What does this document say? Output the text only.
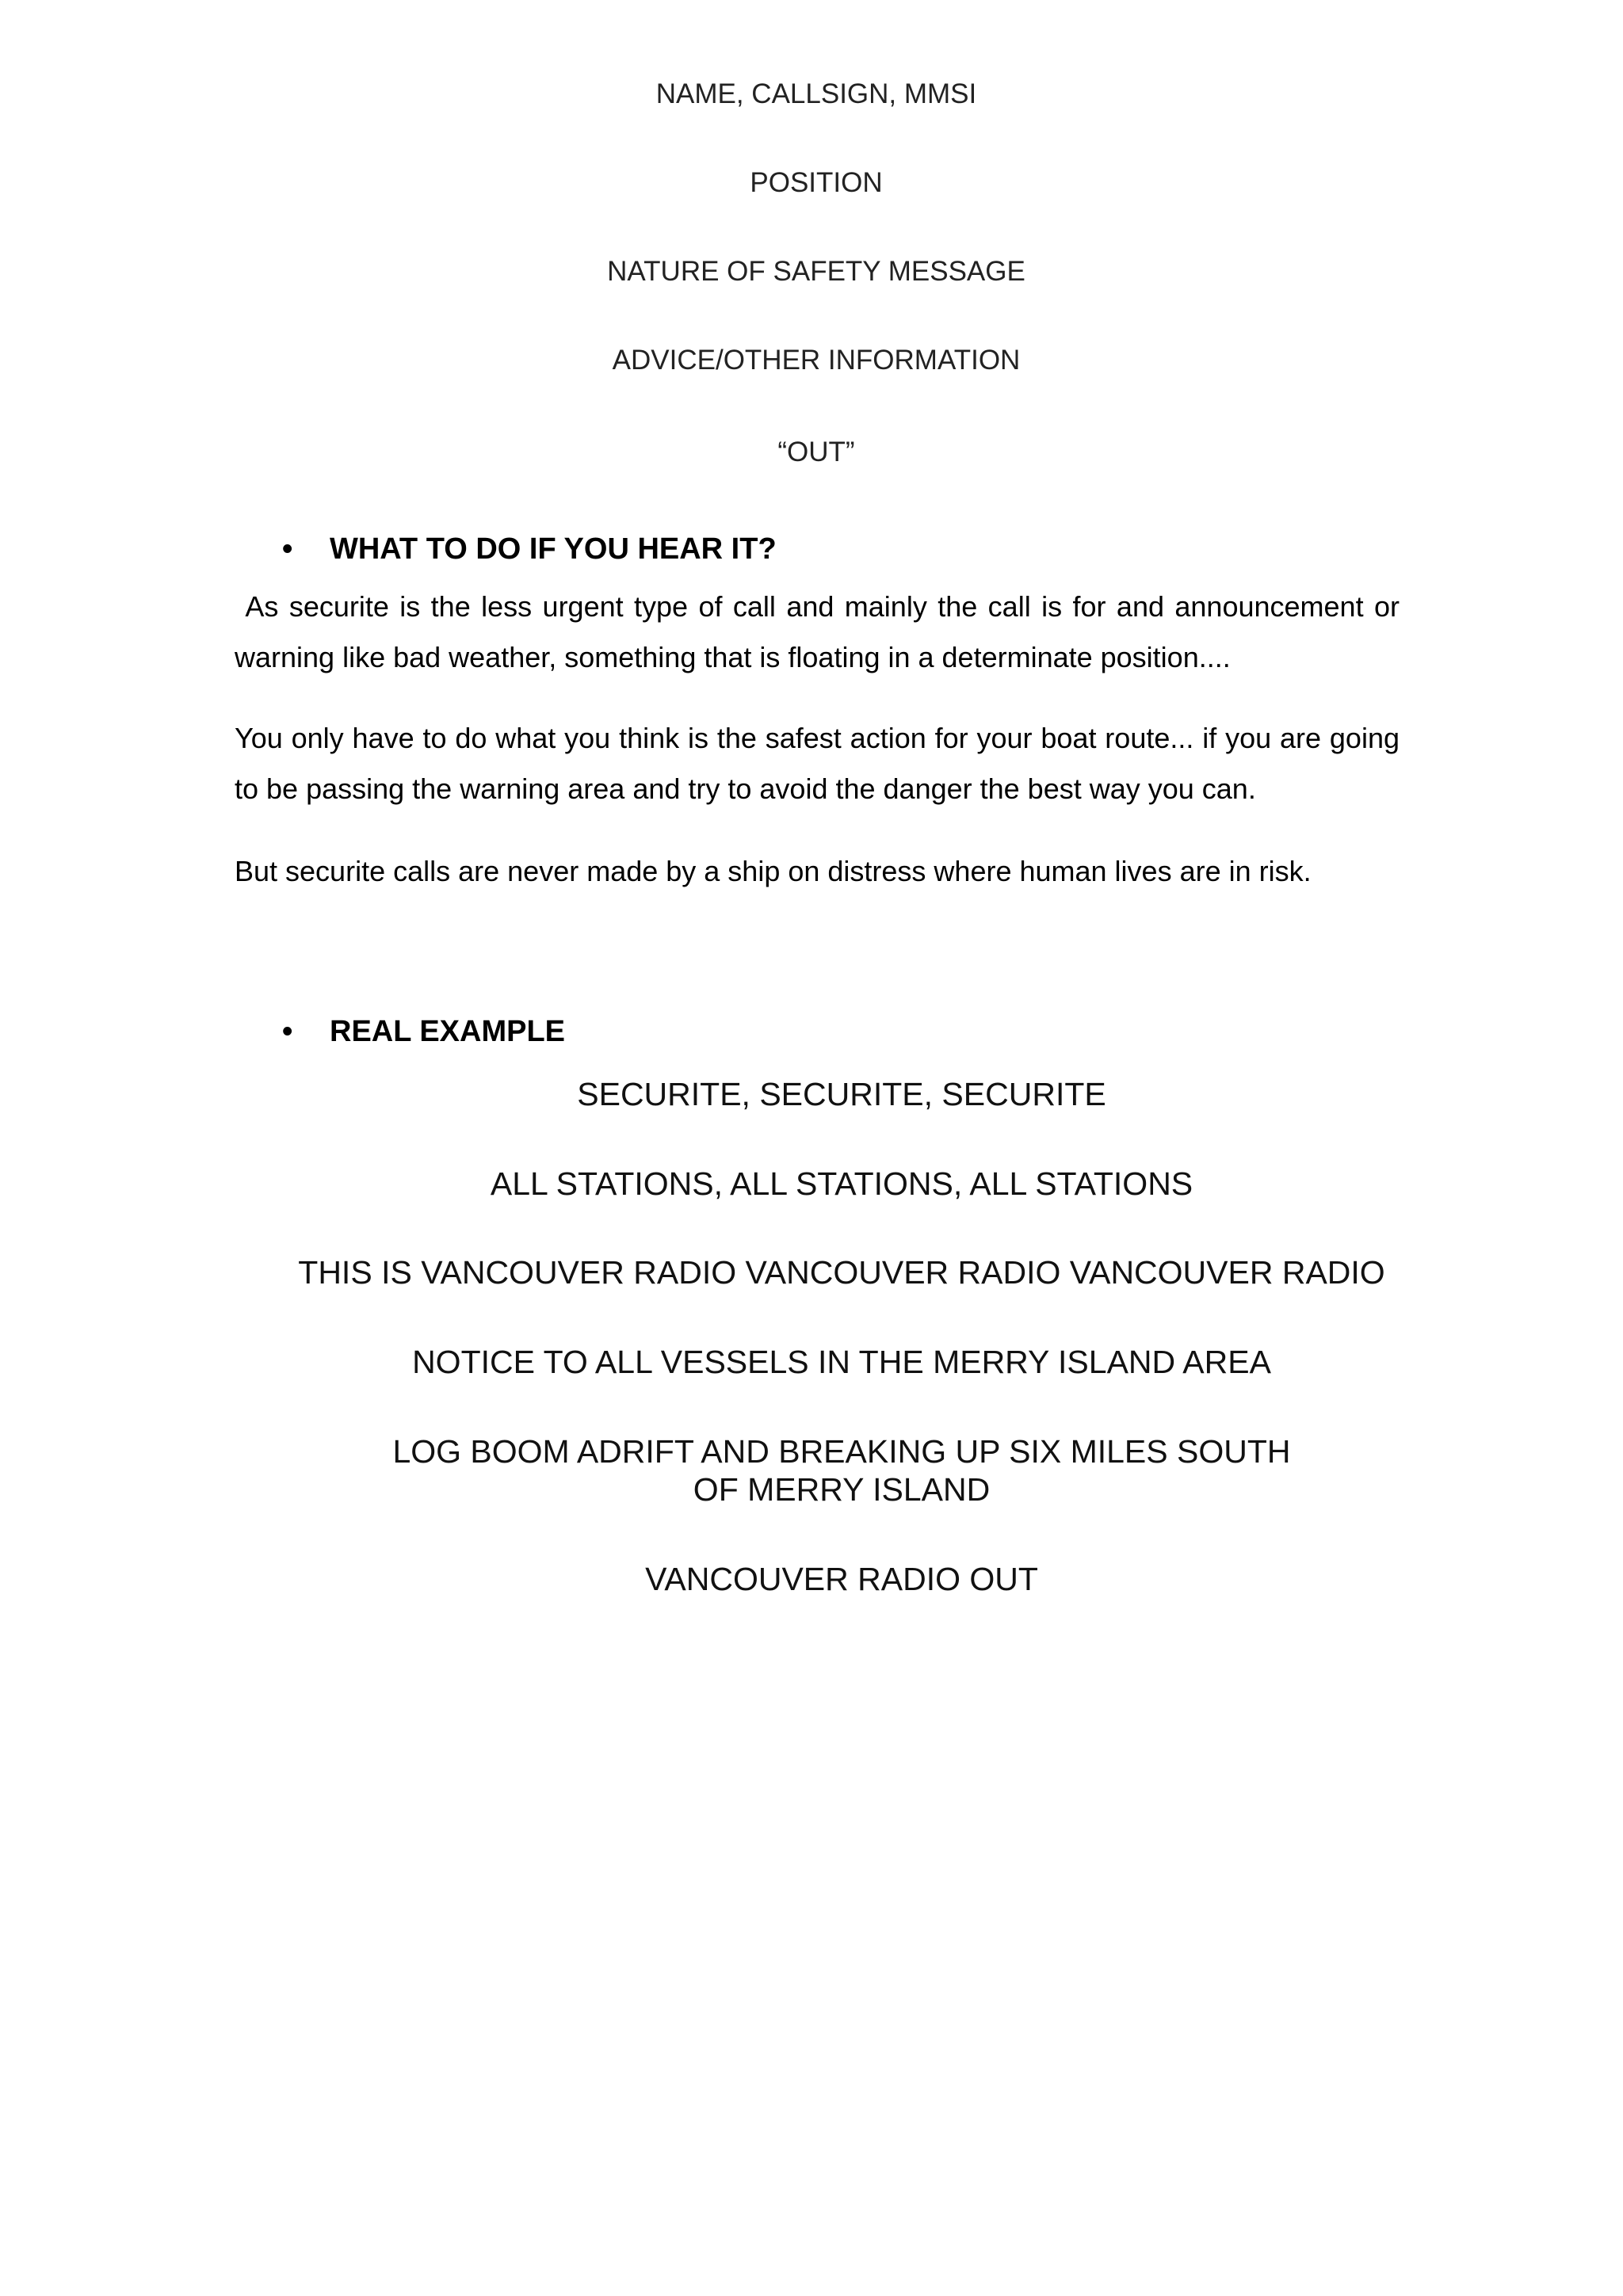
NAME, CALLSIGN, MMSI
POSITION
NATURE OF SAFETY MESSAGE
ADVICE/OTHER INFORMATION
“OUT”
• WHAT TO DO IF YOU HEAR IT?
As securite is the less urgent type of call and mainly the call is for and announcement or warning like bad weather, something that is floating in a determinate position....
You only have to do what you think is the safest action for your boat route... if you are going to be passing the warning area and try to avoid the danger the best way you can.
But securite calls are never made by a ship on distress where human lives are in risk.
• REAL EXAMPLE
SECURITE, SECURITE, SECURITE
ALL STATIONS, ALL STATIONS, ALL STATIONS
THIS IS VANCOUVER RADIO VANCOUVER RADIO VANCOUVER RADIO
NOTICE TO ALL VESSELS IN THE MERRY ISLAND AREA
LOG BOOM ADRIFT AND BREAKING UP SIX MILES SOUTH
OF MERRY ISLAND
VANCOUVER RADIO OUT
